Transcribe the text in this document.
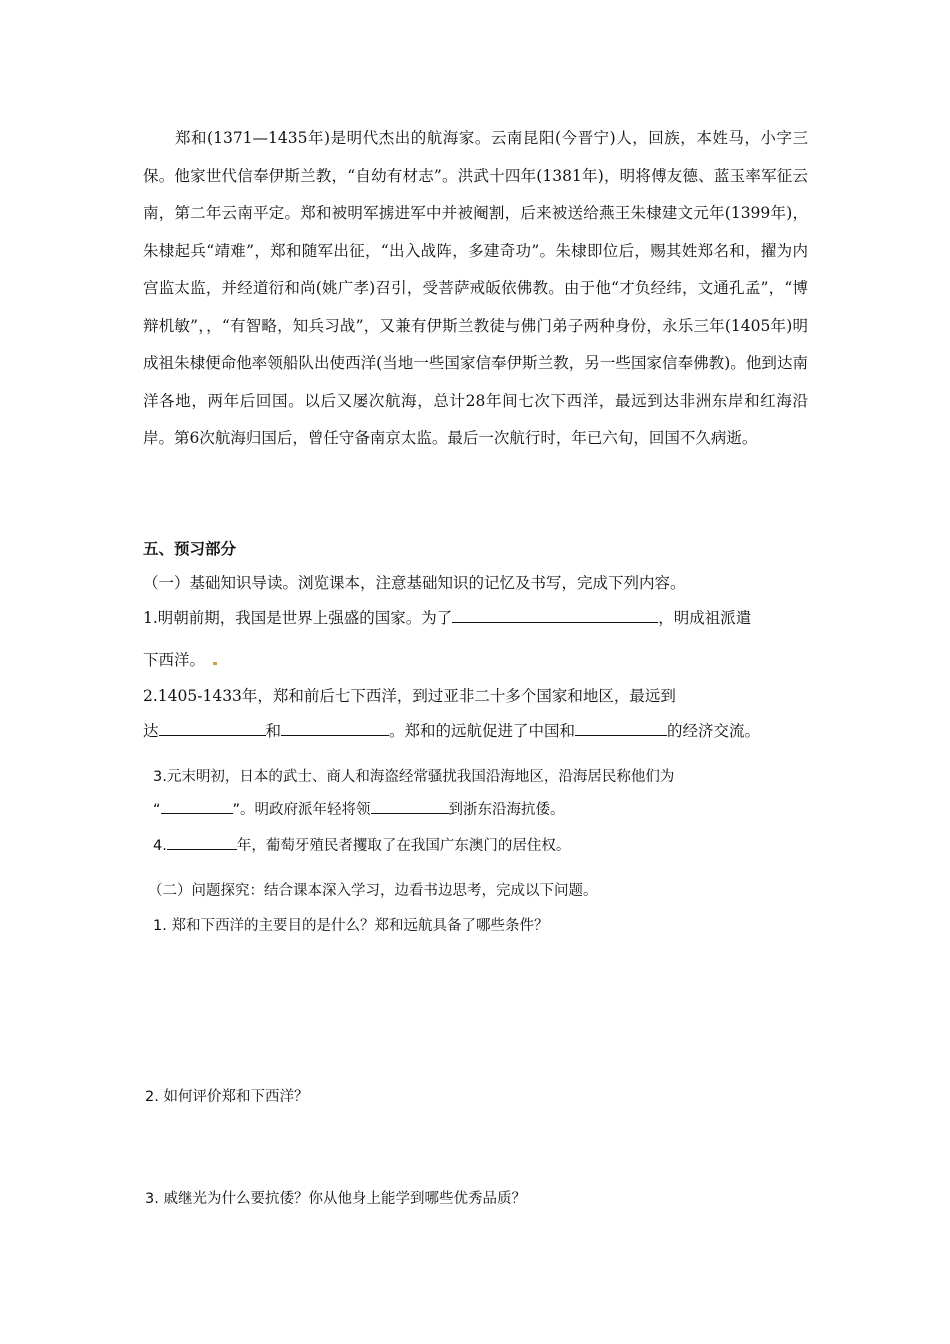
郑和(1371—1435年)是明代杰出的航海家。云南昆阳(今晋宁)人，回族，本姓马，小字三保。他家世代信奉伊斯兰教，“自幼有材志”。洪武十四年(1381年)，明将傅友德、蓝玉率军征云南，第二年云南平定。郑和被明军掳进军中并被阉割，后来被送给燕王朱棣建文元年(1399年)，朱棣起兵“靖难”，郑和随军出征，“出入战阵，多建奇功”。朱棣即位后，赐其姓郑名和，擢为内宫监太监，并经道衍和尚(姚广孝)召引，受菩萨戒皈依佛教。由于他“才负经纬，文通孔孟”，“博辩机敏”，，“有智略，知兵习战”，又兼有伊斯兰教徒与佛门弟子两种身份，永乐三年(1405年)明成祖朱棣便命他率领船队出使西洋(当地一些国家信奉伊斯兰教，另一些国家信奉佛教)。他到达南洋各地，两年后回国。以后又屡次航海，总计28年间七次下西洋，最远到达非洲东岸和红海沿岸。第6次航海归国后，曾任守备南京太监。最后一次航行时，年已六旬，回国不久病逝。
五、预习部分
（一）基础知识导读。浏览课本，注意基础知识的记忆及书写，完成下列内容。
1.明朝前期，我国是世界上强盛的国家。为了	，明成祖派遣
下西洋。
2.1405-1433年，郑和前后七下西洋，到过亚非二十多个国家和地区，最远到
达	和	。郑和的远航促进了中国和	的经济交流。
3.元末明初，日本的武士、商人和海盗经常骚扰我国沿海地区，沿海居民称他们为
“	”。明政府派年轻将领	到浙东沿海抗倭。
4.	年，葡萄牙殖民者攫取了在我国广东澳门的居住权。
（二）问题探究：结合课本深入学习，边看书边思考，完成以下问题。
1. 郑和下西洋的主要目的是什么？郑和远航具备了哪些条件？
2. 如何评价郑和下西洋？
3. 戚继光为什么要抗倭？你从他身上能学到哪些优秀品质？
